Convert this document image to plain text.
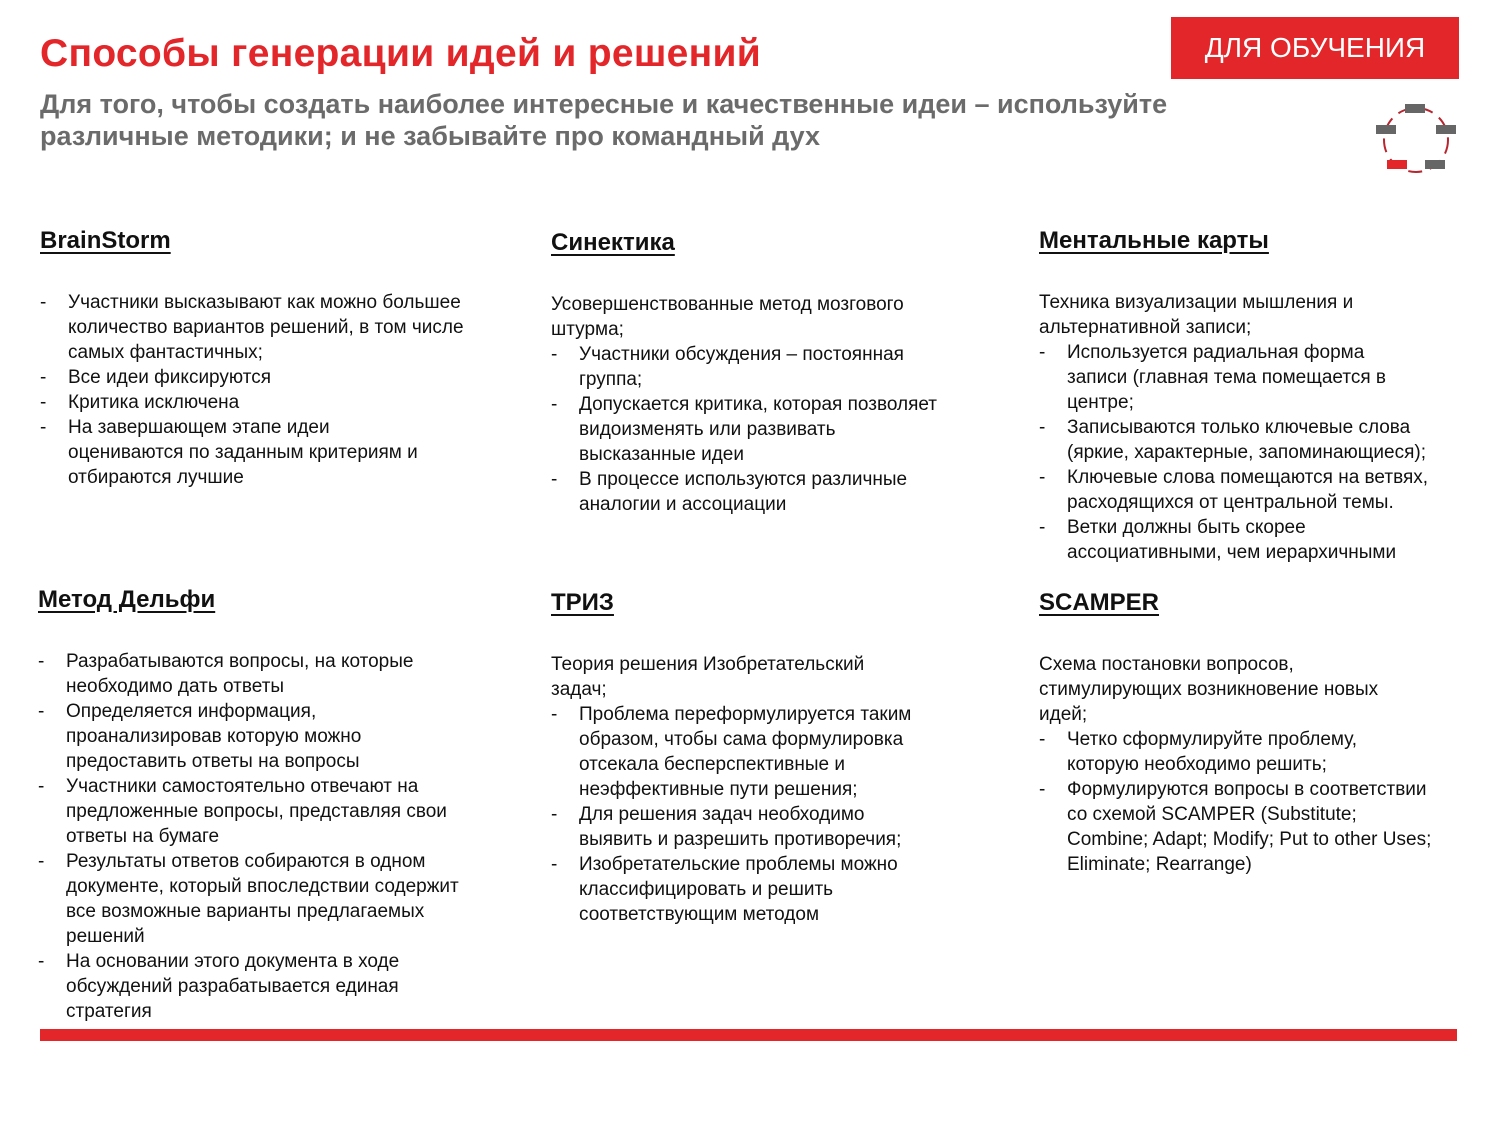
Способы генерации идей и решений
Для того, чтобы создать наиболее интересные и качественные идеи – используйте различные методики; и не забывайте про командный дух
ДЛЯ ОБУЧЕНИЯ
BrainStorm
- Участники высказывают как можно большее количество вариантов решений, в том числе самых фантастичных;
- Все идеи фиксируются
- Критика исключена
- На завершающем этапе идеи оцениваются по заданным критериям и отбираются лучшие
Синектика
Усовершенствованные метод мозгового штурма;
- Участники обсуждения – постоянная группа;
- Допускается критика, которая позволяет видоизменять или развивать высказанные идеи
- В процессе используются различные аналогии и ассоциации
Ментальные карты
Техника визуализации мышления и альтернативной записи;
- Используется радиальная форма записи (главная тема помещается в центре;
- Записываются только ключевые слова (яркие, характерные, запоминающиеся);
- Ключевые слова помещаются на ветвях, расходящихся от центральной темы.
- Ветки должны быть скорее ассоциативными, чем иерархичными
Метод Дельфи
- Разрабатываются вопросы, на которые необходимо дать ответы
- Определяется информация, проанализировав которую можно предоставить ответы на вопросы
- Участники самостоятельно отвечают на предложенные вопросы, представляя свои ответы на бумаге
- Результаты ответов собираются в одном документе, который впоследствии содержит все возможные варианты предлагаемых решений
- На основании этого документа в ходе обсуждений разрабатывается единая стратегия
ТРИЗ
Теория решения Изобретательский задач;
- Проблема переформулируется таким образом, чтобы сама формулировка отсекала бесперспективные и неэффективные пути решения;
- Для решения задач необходимо выявить и разрешить противоречия;
- Изобретательские проблемы можно классифицировать и решить соответствующим методом
SCAMPER
Схема постановки вопросов, стимулирующих возникновение новых идей;
- Четко сформулируйте проблему, которую необходимо решить;
- Формулируются вопросы в соответствии со схемой SCAMPER (Substitute; Combine; Adapt; Modify; Put to other Uses; Eliminate; Rearrange)
